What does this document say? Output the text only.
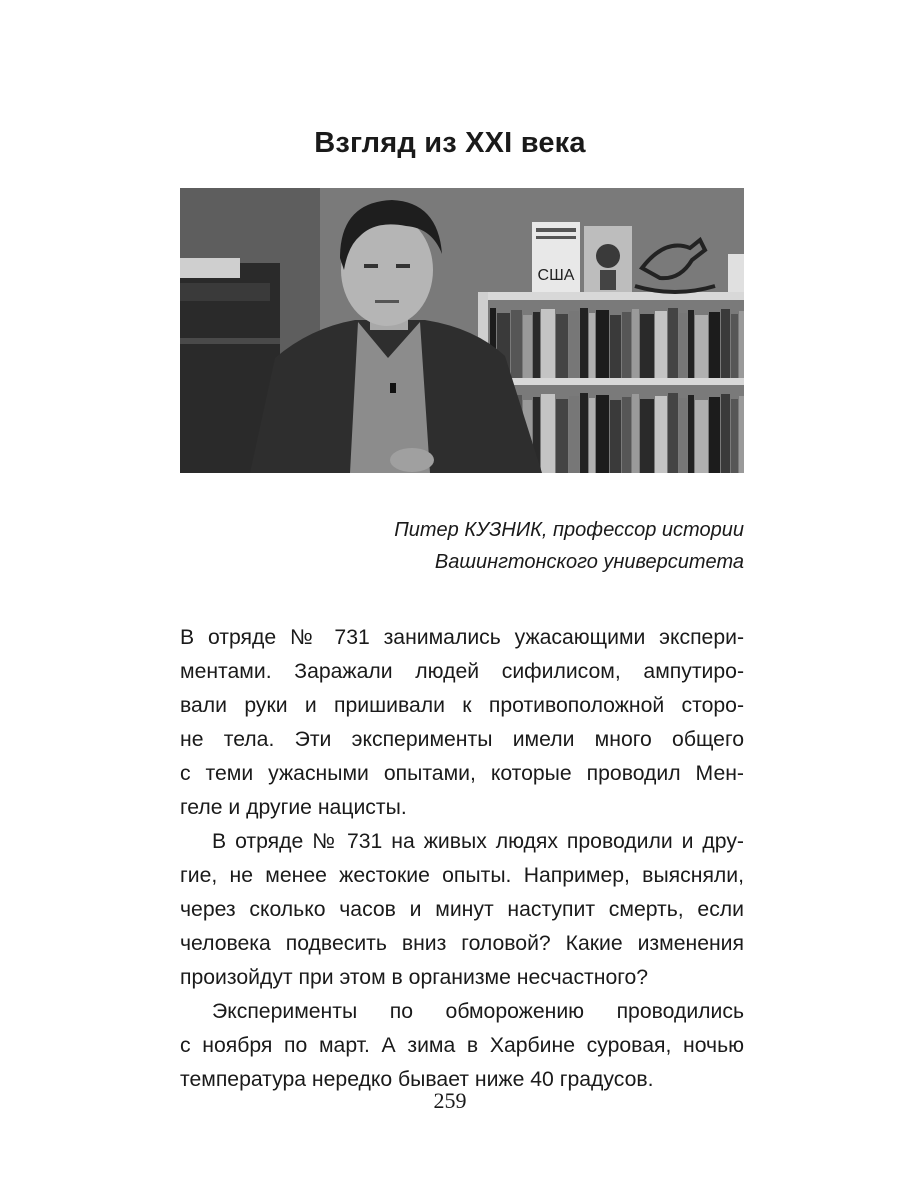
Взгляд из XXI века
США
Питер КУЗНИК, профессор истории
Вашингтонского университета
В отряде № 731 занимались ужасающими экспери-
ментами. Заражали людей сифилисом, ампутиро-
вали руки и пришивали к противоположной сторо-
не тела. Эти эксперименты имели много общего
с теми ужасными опытами, которые проводил Мен-
геле и другие нацисты.
В отряде № 731 на живых людях проводили и дру-
гие, не менее жестокие опыты. Например, выясняли,
через сколько часов и минут наступит смерть, если
человека подвесить вниз головой? Какие изменения
произойдут при этом в организме несчастного?
Эксперименты по обморожению проводились
с ноября по март. А зима в Харбине суровая, ночью
температура нередко бывает ниже 40 градусов.
259
